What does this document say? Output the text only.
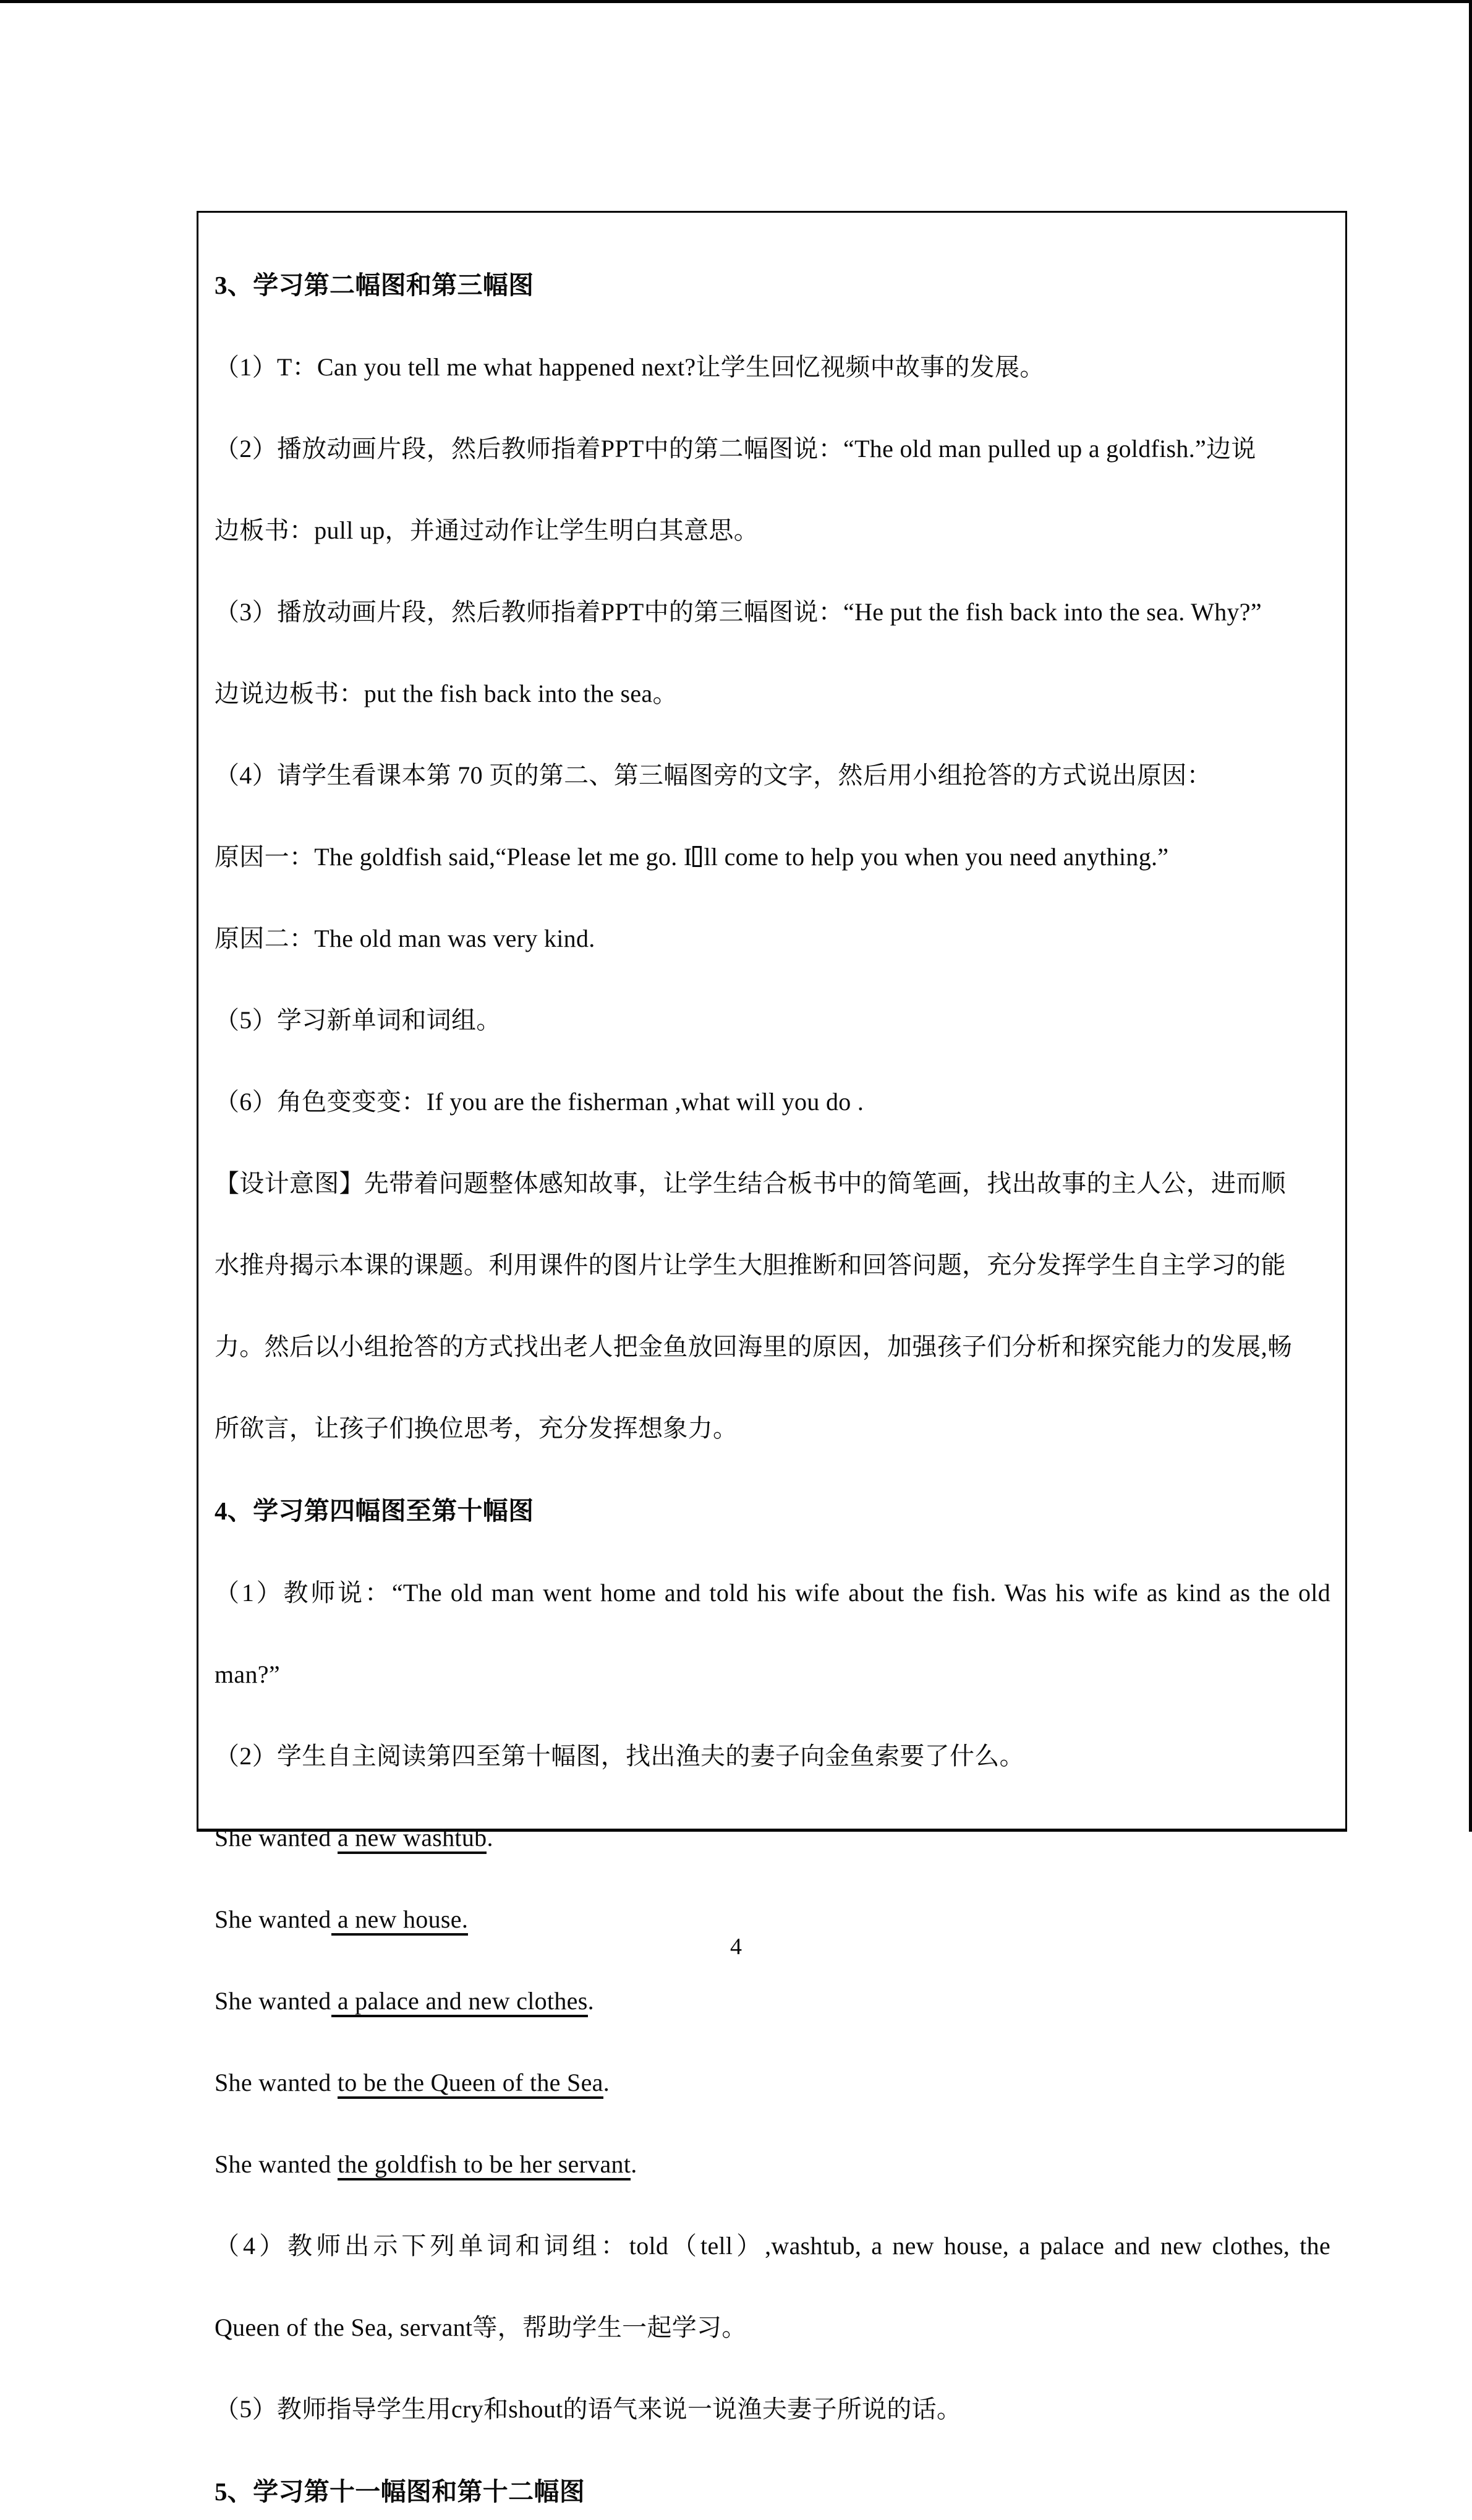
3、学习第二幅图和第三幅图

（1）T：Can you tell me what happened next?让学生回忆视频中故事的发展。

（2）播放动画片段，然后教师指着PPT中的第二幅图说：“The old man pulled up a goldfish.”边说

边板书：pull up，并通过动作让学生明白其意思。

（3）播放动画片段，然后教师指着PPT中的第三幅图说：“He put the fish back into the sea. Why?”

边说边板书：put the fish back into the sea。

（4）请学生看课本第 70 页的第二、第三幅图旁的文字，然后用小组抢答的方式说出原因：

原因一：The goldfish said,“Please let me go. I ll come to help you when you need anything.”

原因二：The old man was very kind.

（5）学习新单词和词组。

（6）角色变变变：If you are the fisherman ,what will you do .

【设计意图】先带着问题整体感知故事，让学生结合板书中的简笔画，找出故事的主人公，进而顺

水推舟揭示本课的课题。利用课件的图片让学生大胆推断和回答问题，充分发挥学生自主学习的能

力。然后以小组抢答的方式找出老人把金鱼放回海里的原因，加强孩子们分析和探究能力的发展,畅

所欲言，让孩子们换位思考，充分发挥想象力。

4、学习第四幅图至第十幅图

（1）教师说：“The old man went home and told his wife about the fish. Was his wife as kind as the old

man?”

（2）学生自主阅读第四至第十幅图，找出渔夫的妻子向金鱼索要了什么。

She wanted a new washtub.

She wanted a new house.

She wanted a palace and new clothes.

She wanted to be the Queen of the Sea.

She wanted the goldfish to be her servant.

（4）教师出示下列单词和词组：told（tell）,washtub, a new house, a palace and new clothes, the

Queen of the Sea, servant等，帮助学生一起学习。

（5）教师指导学生用cry和shout的语气来说一说渔夫妻子所说的话。

5、学习第十一幅图和第十二幅图

4
